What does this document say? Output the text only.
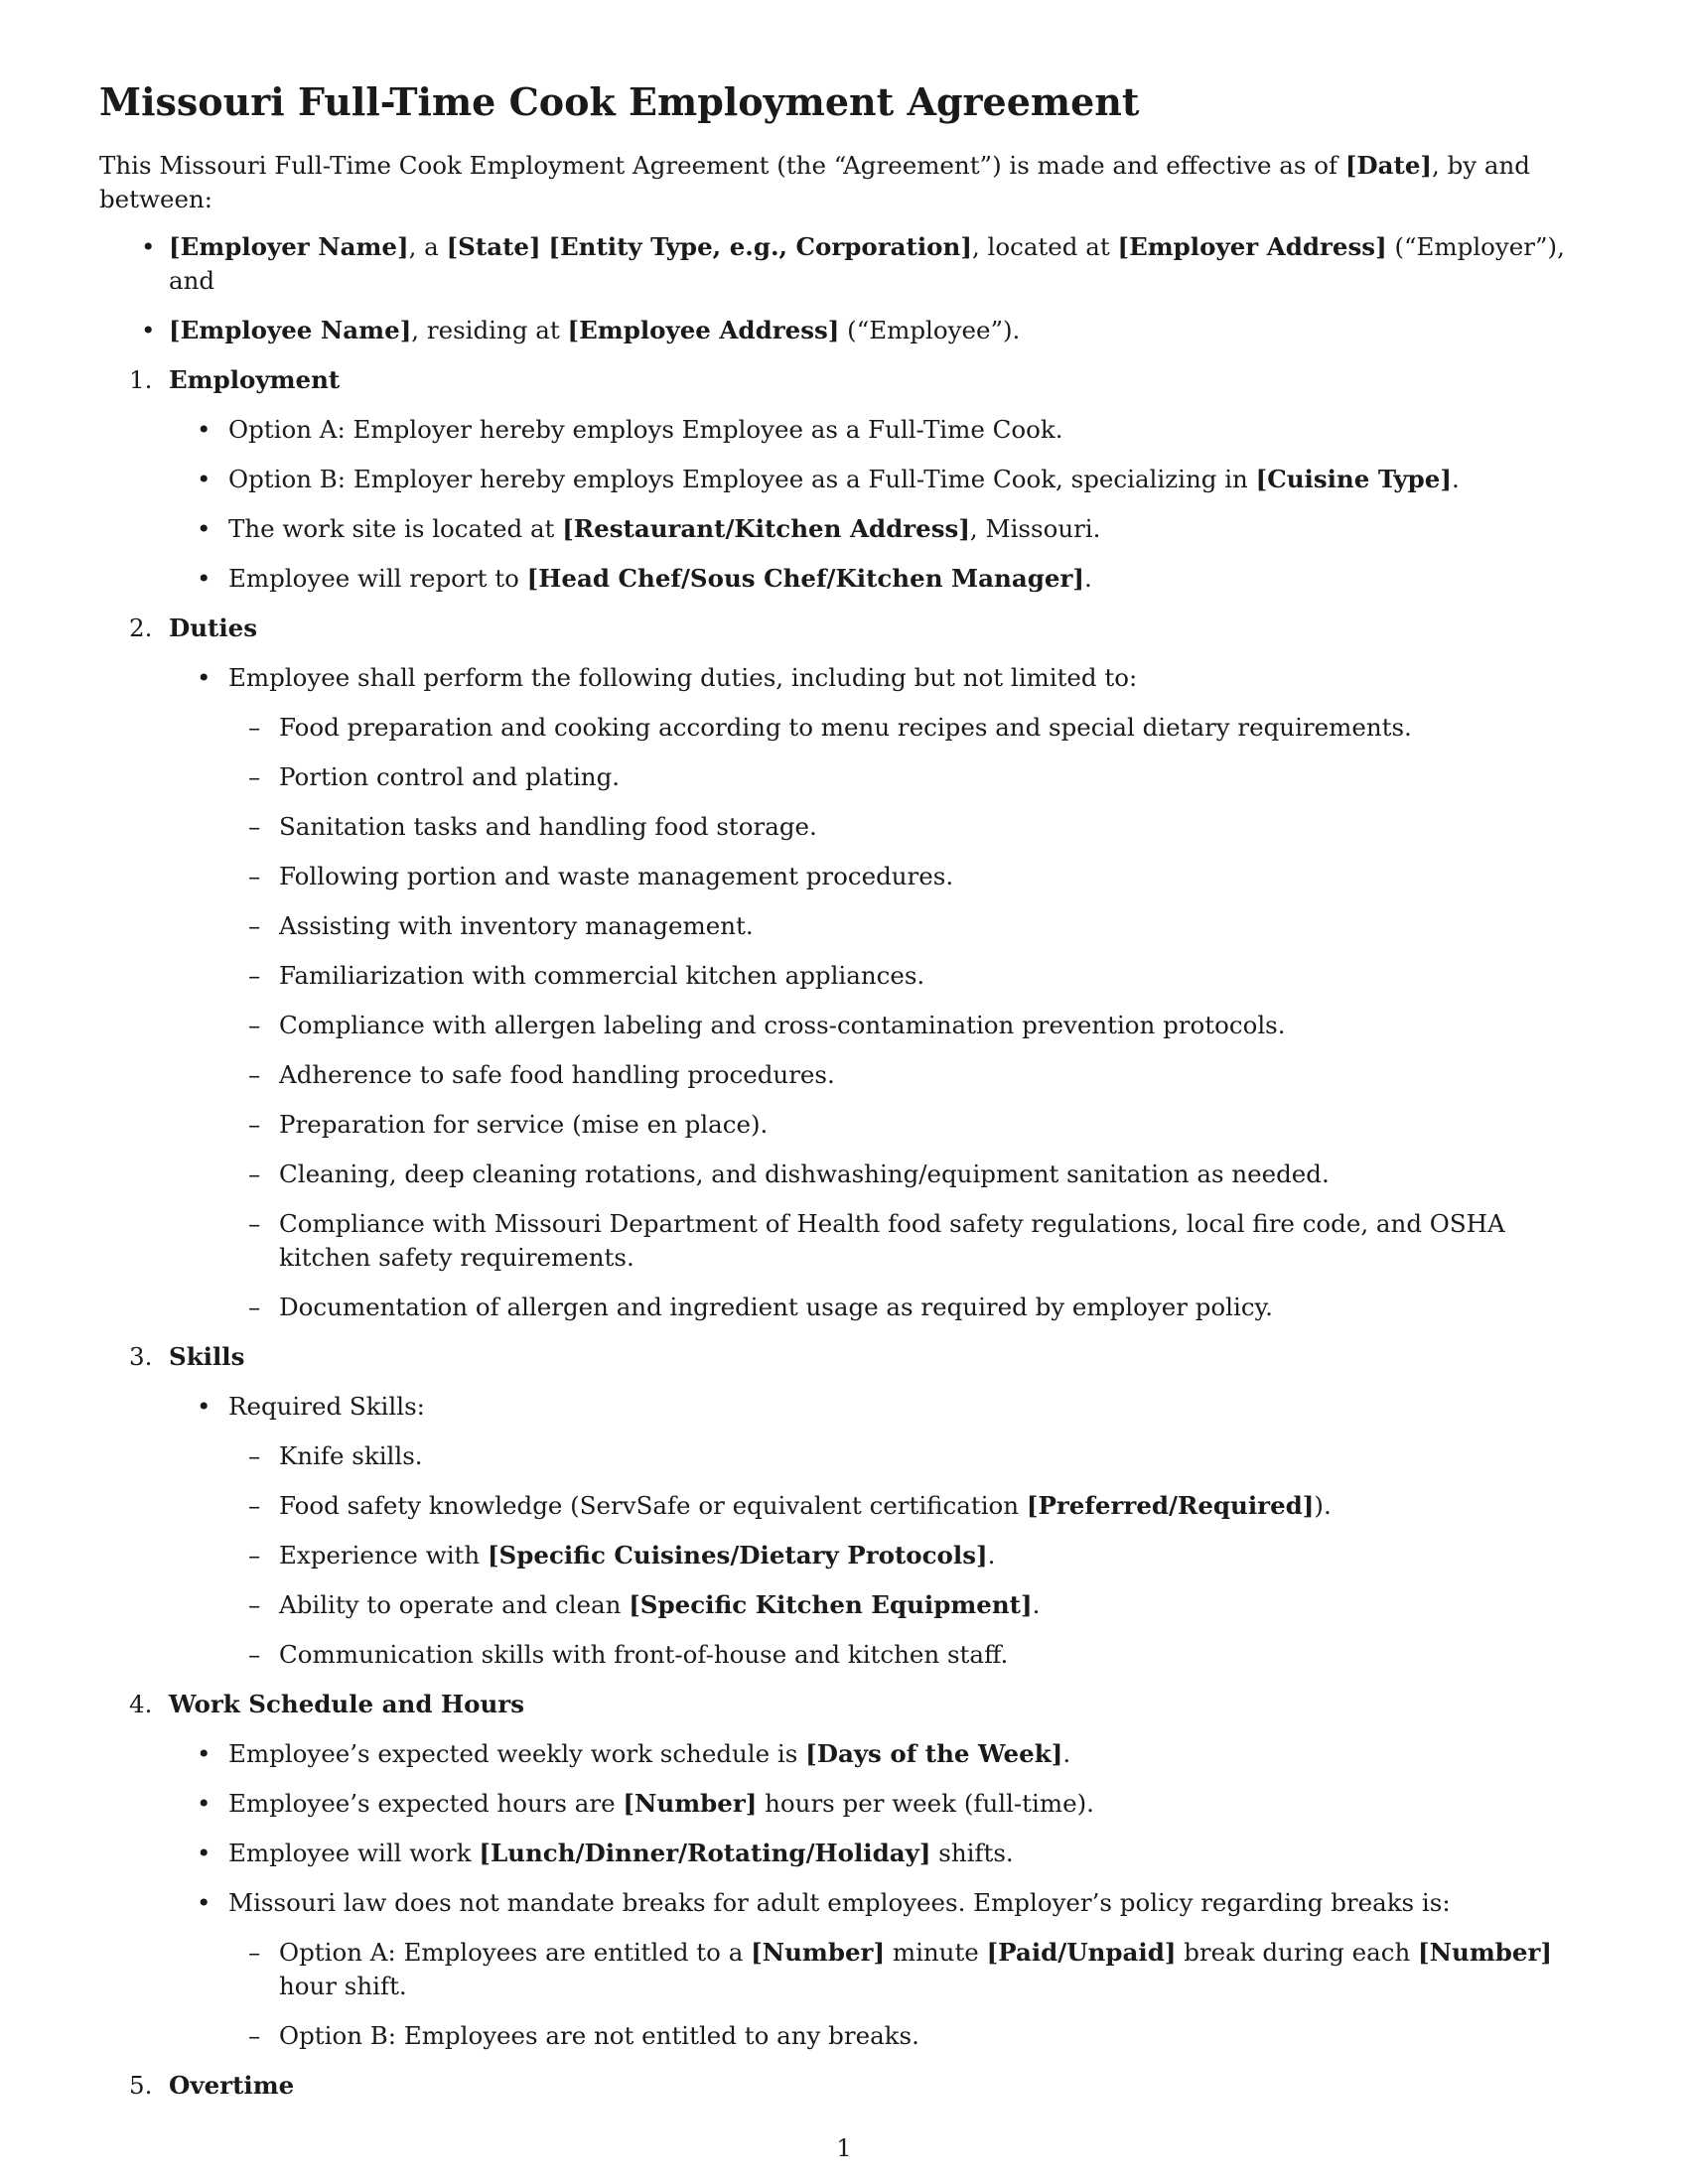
Missouri Full-Time Cook Employment Agreement

This Missouri Full-Time Cook Employment Agreement (the “Agreement”) is made and effective as of [Date], by and between:

• [Employer Name], a [State] [Entity Type, e.g., Corporation], located at [Employer Address] (“Employer”), and
• [Employee Name], residing at [Employee Address] (“Employee”).
1. Employment
• Option A: Employer hereby employs Employee as a Full-Time Cook.
• Option B: Employer hereby employs Employee as a Full-Time Cook, specializing in [Cuisine Type].
• The work site is located at [Restaurant/Kitchen Address], Missouri.
• Employee will report to [Head Chef/Sous Chef/Kitchen Manager].
2. Duties
• Employee shall perform the following duties, including but not limited to:
– Food preparation and cooking according to menu recipes and special dietary requirements.
– Portion control and plating.
– Sanitation tasks and handling food storage.
– Following portion and waste management procedures.
– Assisting with inventory management.
– Familiarization with commercial kitchen appliances.
– Compliance with allergen labeling and cross-contamination prevention protocols.
– Adherence to safe food handling procedures.
– Preparation for service (mise en place).
– Cleaning, deep cleaning rotations, and dishwashing/equipment sanitation as needed.
– Compliance with Missouri Department of Health food safety regulations, local fire code, and OSHA kitchen safety requirements.
– Documentation of allergen and ingredient usage as required by employer policy.
3. Skills
• Required Skills:
– Knife skills.
– Food safety knowledge (ServSafe or equivalent certification [Preferred/Required]).
– Experience with [Specific Cuisines/Dietary Protocols].
– Ability to operate and clean [Specific Kitchen Equipment].
– Communication skills with front-of-house and kitchen staff.
4. Work Schedule and Hours
• Employee’s expected weekly work schedule is [Days of the Week].
• Employee’s expected hours are [Number] hours per week (full-time).
• Employee will work [Lunch/Dinner/Rotating/Holiday] shifts.
• Missouri law does not mandate breaks for adult employees. Employer’s policy regarding breaks is:
– Option A: Employees are entitled to a [Number] minute [Paid/Unpaid] break during each [Number] hour shift.
– Option B: Employees are not entitled to any breaks.
5. Overtime
1
